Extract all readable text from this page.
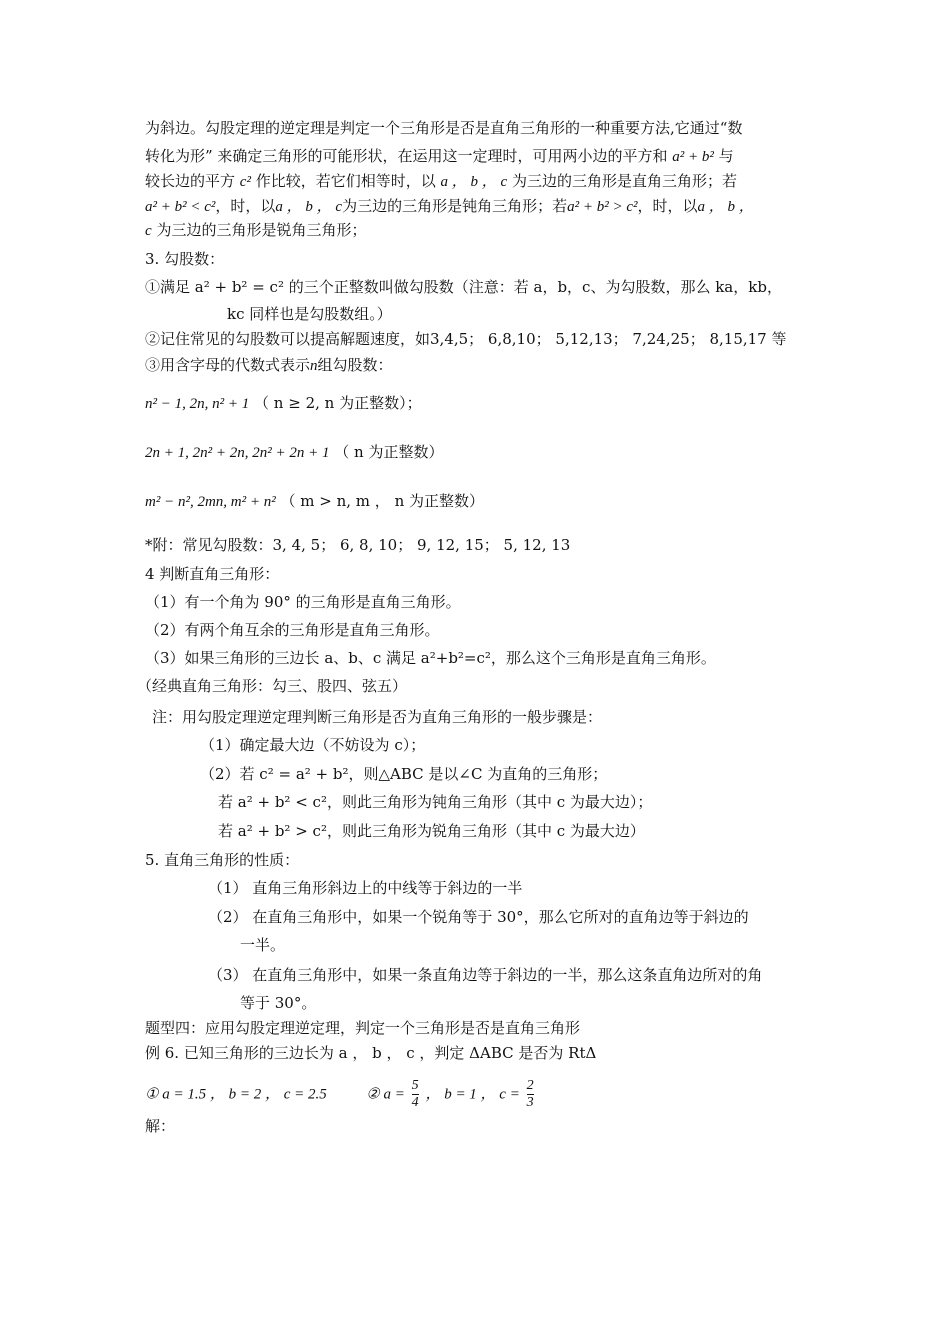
为斜边。勾股定理的逆定理是判定一个三角形是否是直角三角形的一种重要方法,它通过“数
转化为形” 来确定三角形的可能形状，在运用这一定理时，可用两小边的平方和 a² + b² 与
较长边的平方 c² 作比较，若它们相等时，以 a ， b ， c 为三边的三角形是直角三角形；若
a² + b² < c²，时，以a ， b ， c为三边的三角形是钝角三角形；若a² + b² > c²，时，以a ， b ，
c 为三边的三角形是锐角三角形；
3. 勾股数：
①满足 a² + b² = c² 的三个正整数叫做勾股数（注意：若 a，b，c、为勾股数，那么 ka，kb，
kc 同样也是勾股数组。）
②记住常见的勾股数可以提高解题速度，如3,4,5； 6,8,10； 5,12,13； 7,24,25； 8,15,17 等
③用含字母的代数式表示n组勾股数：
n² − 1, 2n, n² + 1 （ n ≥ 2, n 为正整数）；
2n + 1, 2n² + 2n, 2n² + 2n + 1 （ n 为正整数）
m² − n², 2mn, m² + n² （ m > n, m ， n 为正整数）
*附：常见勾股数：3, 4, 5； 6, 8, 10； 9, 12, 15； 5, 12, 13
4 判断直角三角形：
（1）有一个角为 90° 的三角形是直角三角形。
（2）有两个角互余的三角形是直角三角形。
（3）如果三角形的三边长 a、b、c 满足 a²+b²=c²，那么这个三角形是直角三角形。
（经典直角三角形：勾三、股四、弦五）
注：用勾股定理逆定理判断三角形是否为直角三角形的一般步骤是：
（1）确定最大边（不妨设为 c）；
（2）若 c² = a² + b²，则△ABC 是以∠C 为直角的三角形；
若 a² + b² < c²，则此三角形为钝角三角形（其中 c 为最大边）；
若 a² + b² > c²，则此三角形为锐角三角形（其中 c 为最大边）
5. 直角三角形的性质：
（1） 直角三角形斜边上的中线等于斜边的一半
（2） 在直角三角形中，如果一个锐角等于 30°，那么它所对的直角边等于斜边的
一半。
（3） 在直角三角形中，如果一条直角边等于斜边的一半，那么这条直角边所对的角
等于 30°。
题型四：应用勾股定理逆定理，判定一个三角形是否是直角三角形
例 6. 已知三角形的三边长为 a ， b ， c ，判定 ΔABC 是否为 RtΔ
① a = 1.5 ， b = 2 ， c = 2.5	② $a = \frac{5}{4}$ ， b = 1 ， $c = \frac{2}{3}$
解：
